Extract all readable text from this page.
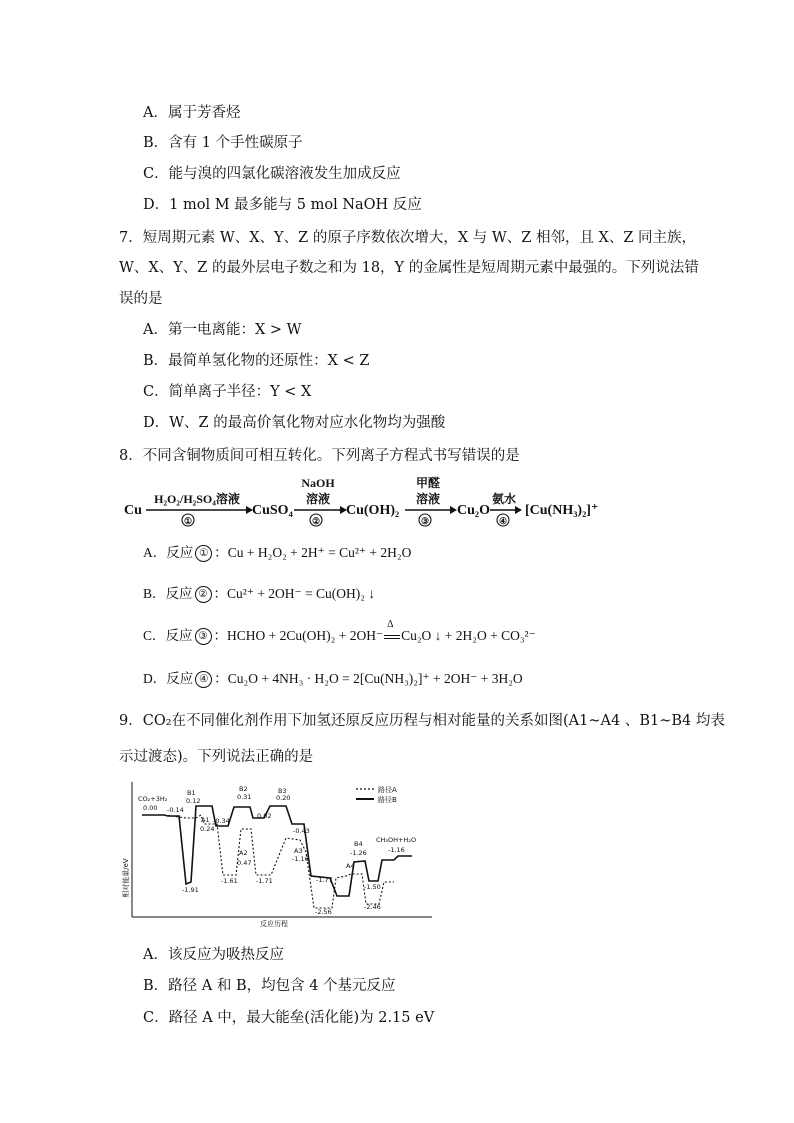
A．属于芳香烃
B．含有 1 个手性碳原子
C．能与溴的四氯化碳溶液发生加成反应
D．1 mol M 最多能与 5 mol NaOH 反应
7．短周期元素 W、X、Y、Z 的原子序数依次增大，X 与 W、Z 相邻，且 X、Z 同主族，
W、X、Y、Z 的最外层电子数之和为 18，Y 的金属性是短周期元素中最强的。下列说法错
误的是
A．第一电离能：X > W
B．最简单氢化物的还原性：X < Z
C．简单离子半径：Y < X
D．W、Z 的最高价氧化物对应水化物均为强酸
8．不同含铜物质间可相互转化。下列离子方程式书写错误的是
Cu
H₂O₂/H₂SO₄溶液
①
CuSO₄
NaOH
溶液
②
Cu(OH)₂
甲醛
溶液
③
Cu₂O
氨水
④
[Cu(NH₃)₂]⁺
A．反应 ① ：Cu + H₂O₂ + 2H⁺ = Cu²⁺ + 2H₂O
B．反应 ② ：Cu²⁺ + 2OH⁻ = Cu(OH)₂ ↓
C．反应 ③ ：HCHO + 2Cu(OH)₂ + 2OH⁻
Δ
Cu₂O ↓ + 2H₂O + CO₃²⁻
D．反应 ④ ：Cu₂O + 4NH₃ · H₂O = 2[Cu(NH₃)₂]⁺ + 2OH⁻ + 3H₂O
9．CO₂在不同催化剂作用下加氢还原反应历程与相对能量的关系如图(A1~A4 、B1~B4 均表
示过渡态)。下列说法正确的是
相对能量/eV
反应历程
路径A
路径B
CO₂+3H₂
0.00 -0.14
B1
0.12
A1
0.24
-0.34
B2
0.31
A2
0.02
B3
0.20
-0.43
0.47
A3
-1.16
-1.91
-1.61	-1.71	-1.77
-2.56
B4
-1.26
A4
-1.50
-2.46
CH₃OH+H₂O
-1.16
A．该反应为吸热反应
B．路径 A 和 B，均包含 4 个基元反应
C．路径 A 中，最大能垒(活化能)为 2.15 eV
